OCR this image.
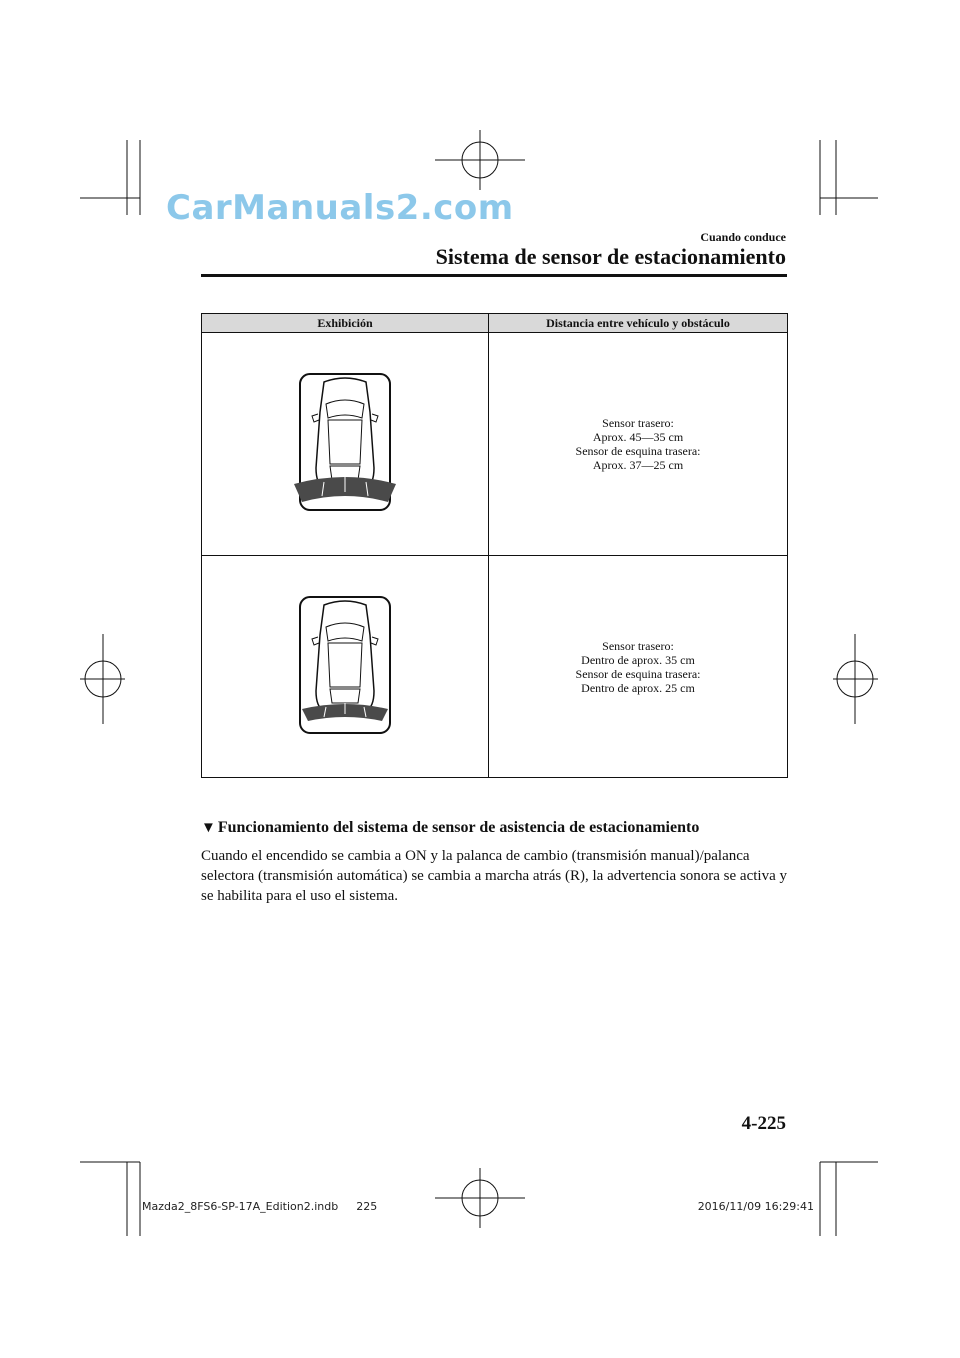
CarManuals2.com
Cuando conduce
Sistema de sensor de estacionamiento
Exhibición	Distancia entre vehículo y obstáculo

Sensor trasero:
Aprox. 45—35 cm
Sensor de esquina trasera:
Aprox. 37—25 cm

Sensor trasero:
Dentro de aprox. 35 cm
Sensor de esquina trasera:
Dentro de aprox. 25 cm
▼ Funcionamiento del sistema de sensor de asistencia de estacionamiento
Cuando el encendido se cambia a ON y la palanca de cambio (transmisión manual)/palanca selectora (transmisión automática) se cambia a marcha atrás (R), la advertencia sonora se activa y se habilita para el uso el sistema.
4-225
Mazda2_8FS6-SP-17A_Edition2.indb 225	2016/11/09 16:29:41
